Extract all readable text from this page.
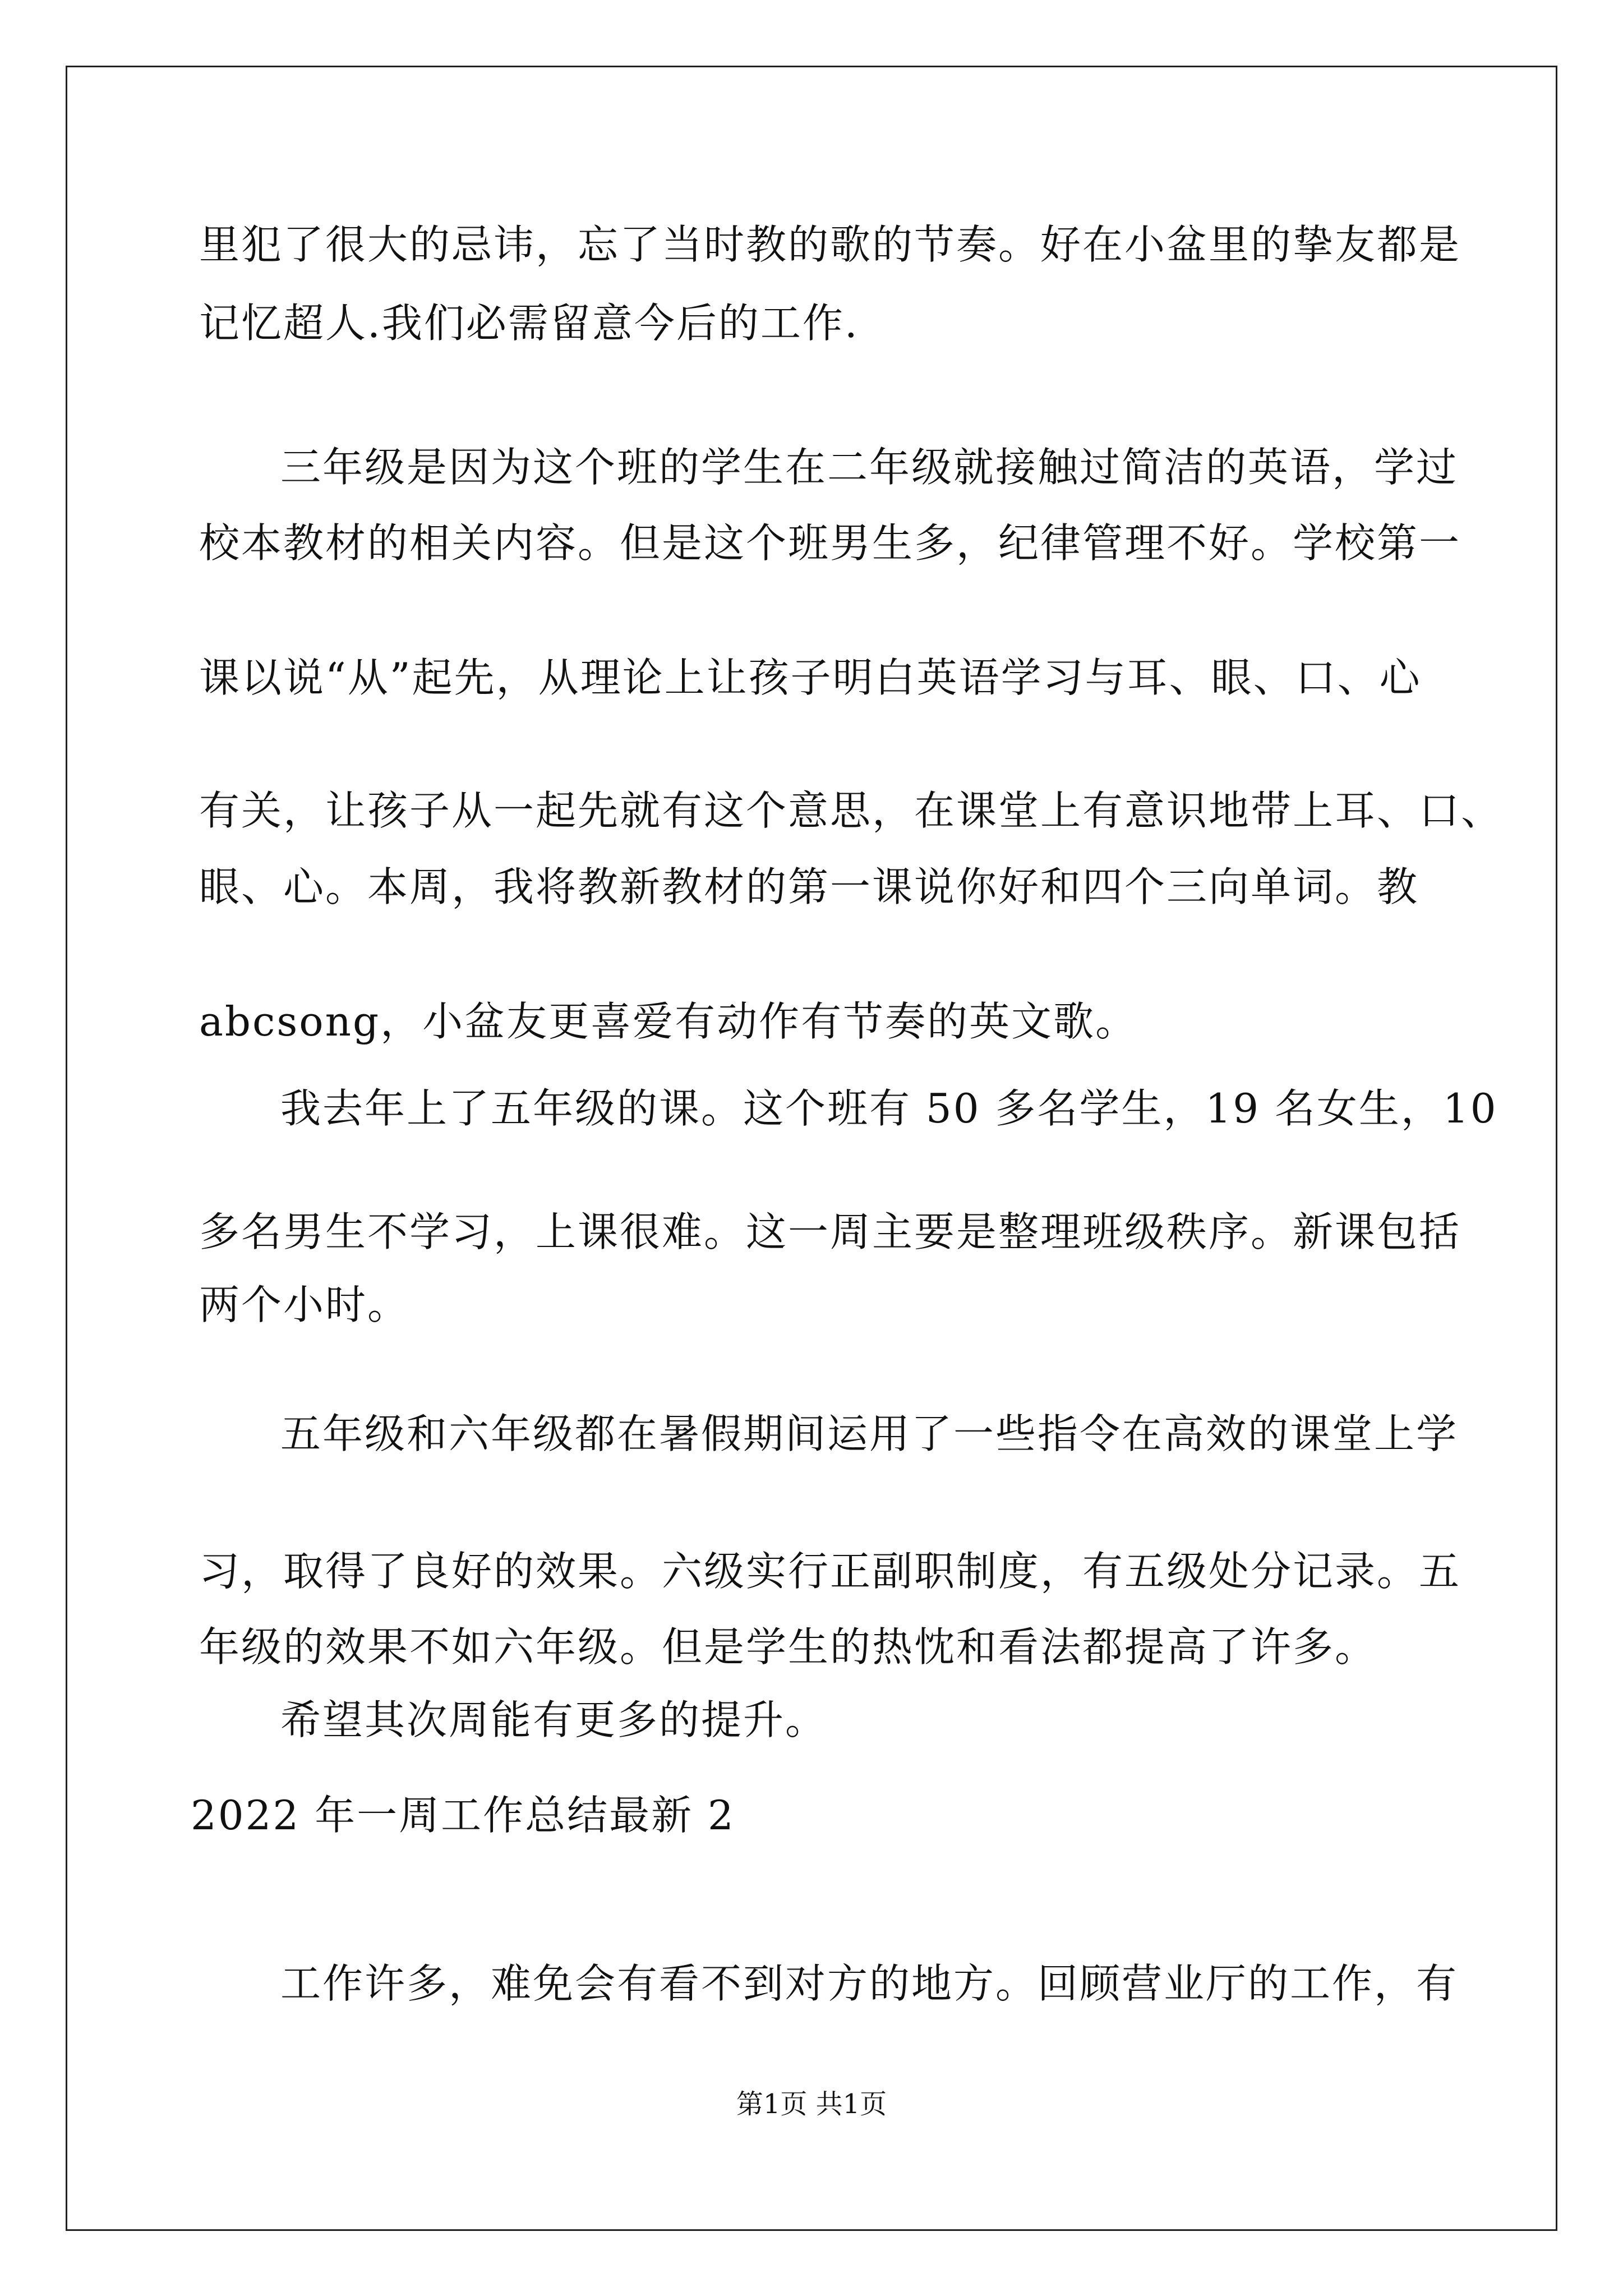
里犯了很大的忌讳，忘了当时教的歌的节奏。好在小盆里的挚友都是
记忆超人.我们必需留意今后的工作.
三年级是因为这个班的学生在二年级就接触过简洁的英语，学过
校本教材的相关内容。但是这个班男生多，纪律管理不好。学校第一
课以说“从”起先，从理论上让孩子明白英语学习与耳、眼、口、心
有关，让孩子从一起先就有这个意思，在课堂上有意识地带上耳、口、
眼、心。本周，我将教新教材的第一课说你好和四个三向单词。教
abcsong，小盆友更喜爱有动作有节奏的英文歌。
我去年上了五年级的课。这个班有 50 多名学生，19 名女生，10
多名男生不学习，上课很难。这一周主要是整理班级秩序。新课包括
两个小时。
五年级和六年级都在暑假期间运用了一些指令在高效的课堂上学
习，取得了良好的效果。六级实行正副职制度，有五级处分记录。五
年级的效果不如六年级。但是学生的热忱和看法都提高了许多。
希望其次周能有更多的提升。
2022 年一周工作总结最新 2
工作许多，难免会有看不到对方的地方。回顾营业厅的工作，有
第1页 共1页
